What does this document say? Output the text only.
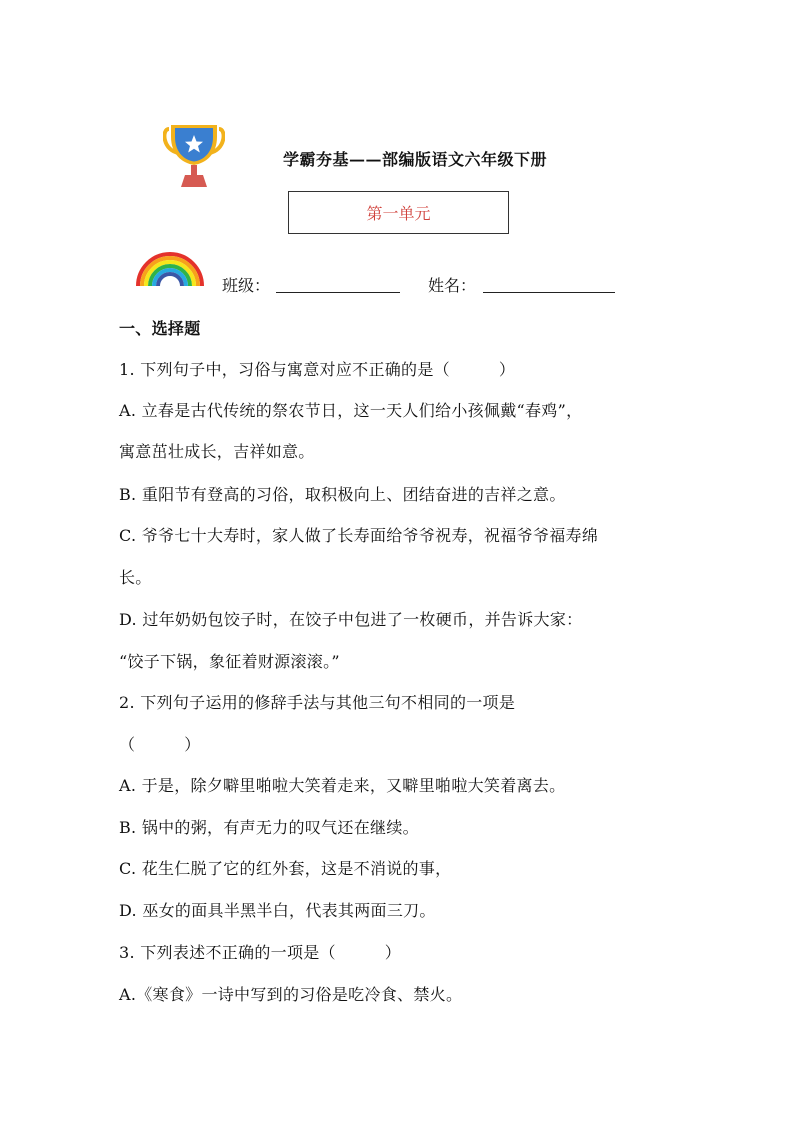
学霸夯基——部编版语文六年级下册
第一单元
班级：	姓名：
一、选择题
1. 下列句子中，习俗与寓意对应不正确的是（　　　）
A. 立春是古代传统的祭农节日，这一天人们给小孩佩戴“春鸡”，
寓意茁壮成长，吉祥如意。
B. 重阳节有登高的习俗，取积极向上、团结奋进的吉祥之意。
C. 爷爷七十大寿时，家人做了长寿面给爷爷祝寿，祝福爷爷福寿绵
长。
D. 过年奶奶包饺子时，在饺子中包进了一枚硬币，并告诉大家：
“饺子下锅，象征着财源滚滚。”
2. 下列句子运用的修辞手法与其他三句不相同的一项是
（　　　）
A. 于是，除夕噼里啪啦大笑着走来，又噼里啪啦大笑着离去。
B. 锅中的粥，有声无力的叹气还在继续。
C. 花生仁脱了它的红外套，这是不消说的事，
D. 巫女的面具半黑半白，代表其两面三刀。
3. 下列表述不正确的一项是（　　　）
A.《寒食》一诗中写到的习俗是吃冷食、禁火。
